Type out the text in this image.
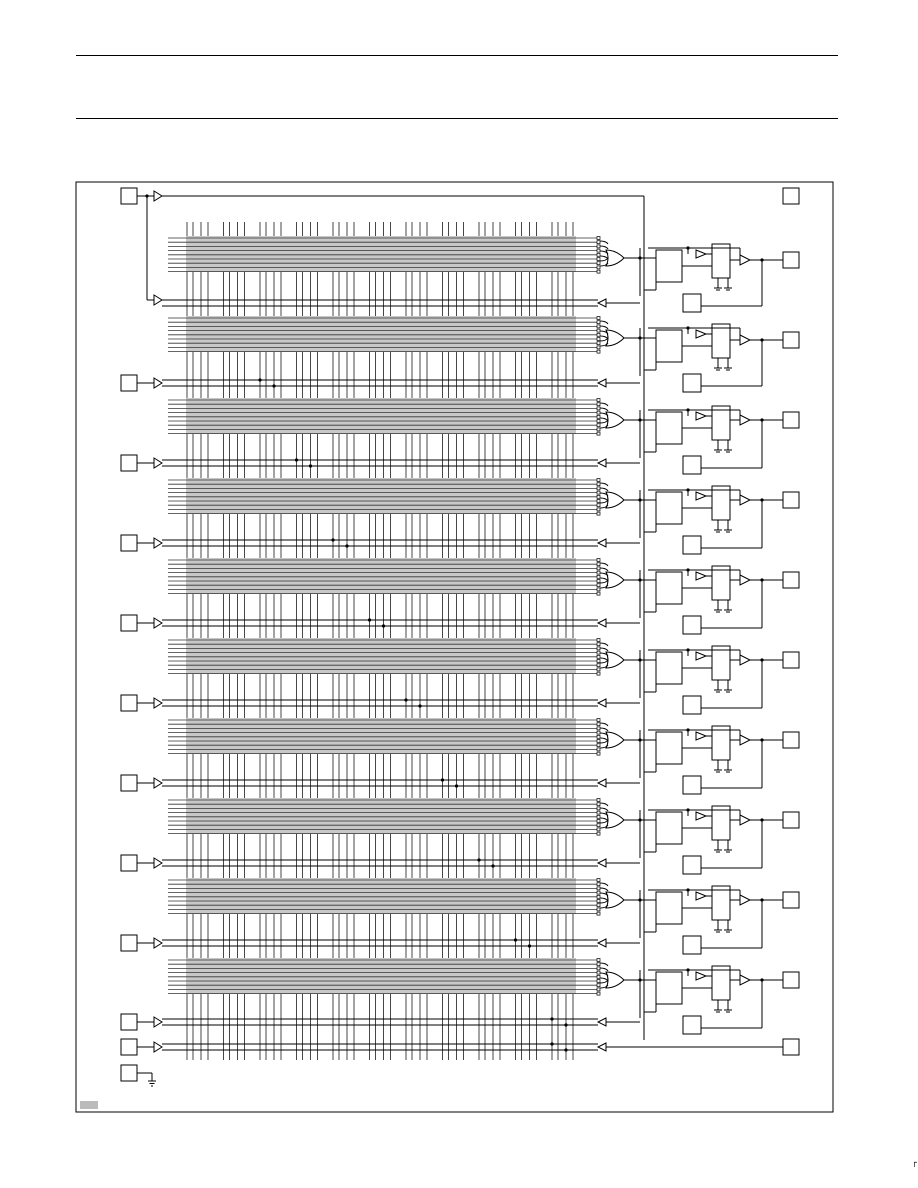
┌
